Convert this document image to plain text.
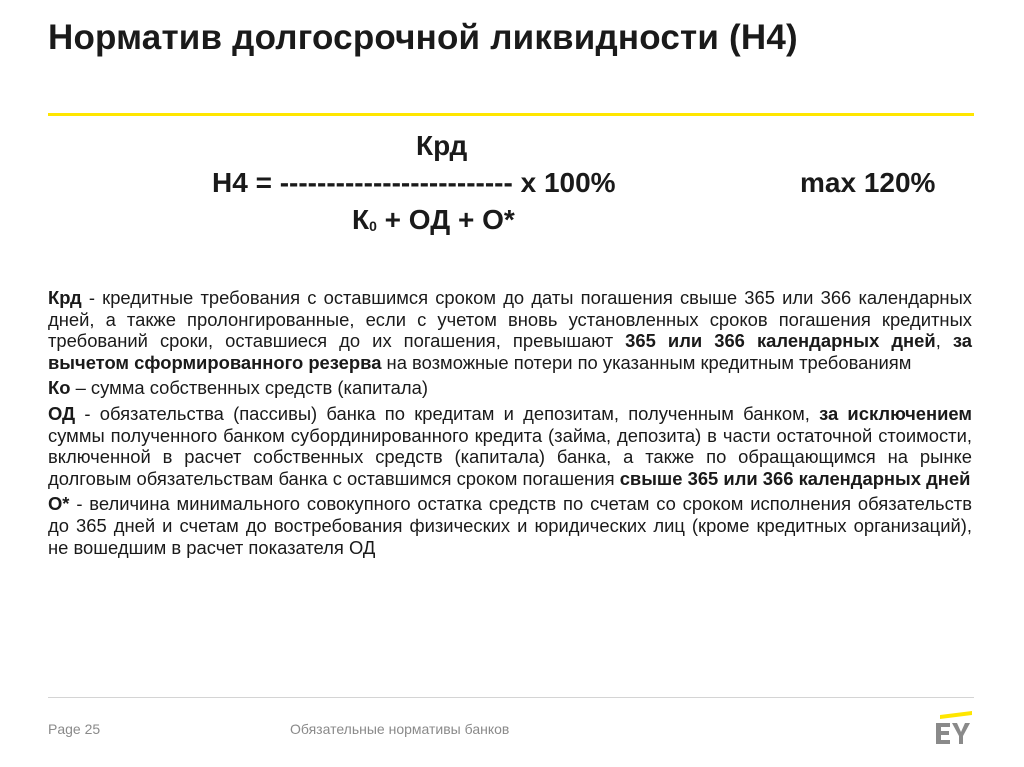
Норматив долгосрочной ликвидности (Н4)
Крд
Н4 = ------------------------- х 100%	max 120%
$К_0$ + ОД + О*

Крд - кредитные требования с оставшимся сроком до даты погашения свыше 365 или 366 календарных дней, а также пролонгированные, если с учетом вновь установленных сроков погашения кредитных требований сроки, оставшиеся до их погашения, превышают 365 или 366 календарных дней, за вычетом сформированного резерва на возможные потери по указанным кредитным требованиям

Ко – сумма собственных средств (капитала)

ОД - обязательства (пассивы) банка по кредитам и депозитам, полученным банком, за исключением суммы полученного банком субординированного кредита (займа, депозита) в части остаточной стоимости, включенной в расчет собственных средств (капитала) банка, а также по обращающимся на рынке долговым обязательствам банка с оставшимся сроком погашения свыше 365 или 366 календарных дней

О* - величина минимального совокупного остатка средств по счетам со сроком исполнения обязательств до 365 дней и счетам до востребования физических и юридических лиц (кроме кредитных организаций), не вошедшим в расчет показателя ОД

Page 25	Обязательные нормативы банков
